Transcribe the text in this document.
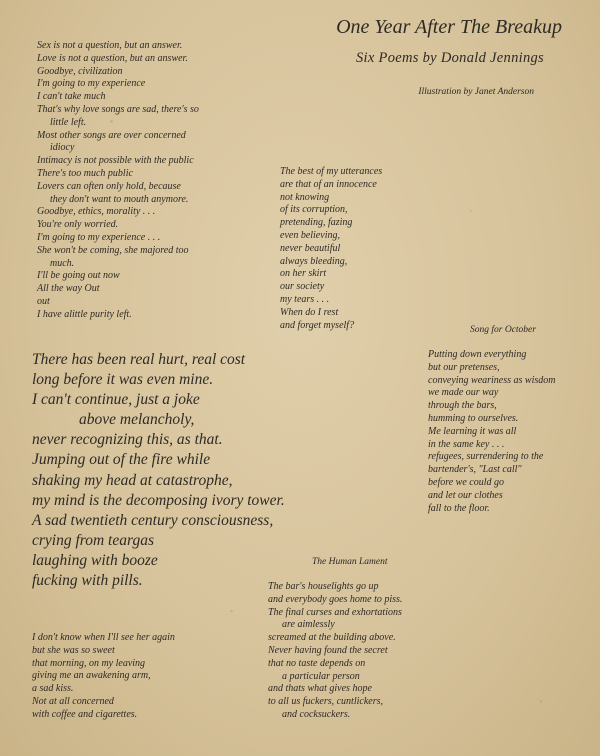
One Year After The Breakup
Six Poems by Donald Jennings
Illustration by Janet Anderson
Sex is not a question, but an answer.
Love is not a question, but an answer.
Goodbye, civilization
I'm going to my experience
I can't take much
That's why love songs are sad, there's so
little left.
Most other songs are over concerned
idiocy
Intimacy is not possible with the public
There's too much public
Lovers can often only hold, because
they don't want to mouth anymore.
Goodbye, ethics, morality . . .
You're only worried.
I'm going to my experience . . .
She won't be coming, she majored too
much.
I'll be going out now
All the way Out
out
I have alittle purity left.
The best of my utterances
are that of an innocence
not knowing
of its corruption,
pretending, fazing
even believing,
never beautiful
always bleeding,
on her skirt
our society
my tears . . .
When do I rest
and forget myself?	Song for October
Putting down everything
but our pretenses,
conveying weariness as wisdom
we made our way
through the bars,
humming to ourselves.
Me learning it was all
in the same key . . .
refugees, surrendering to the
bartender's, "Last call"
before we could go
and let our clothes
fall to the floor.
There has been real hurt, real cost
long before it was even mine.
I can't continue, just a joke
above melancholy,
never recognizing this, as that.
Jumping out of the fire while
shaking my head at catastrophe,
my mind is the decomposing ivory tower.
A sad twentieth century consciousness,
crying from teargas
laughing with booze
fucking with pills.
The Human Lament
The bar's houselights go up
and everybody goes home to piss.
The final curses and exhortations
are aimlessly
screamed at the building above.
Never having found the secret
that no taste depends on
a particular person
and thats what gives hope
to all us fuckers, cuntlickers,
and cocksuckers.
I don't know when I'll see her again
but she was so sweet
that morning, on my leaving
giving me an awakening arm,
a sad kiss.
Not at all concerned
with coffee and cigarettes.
